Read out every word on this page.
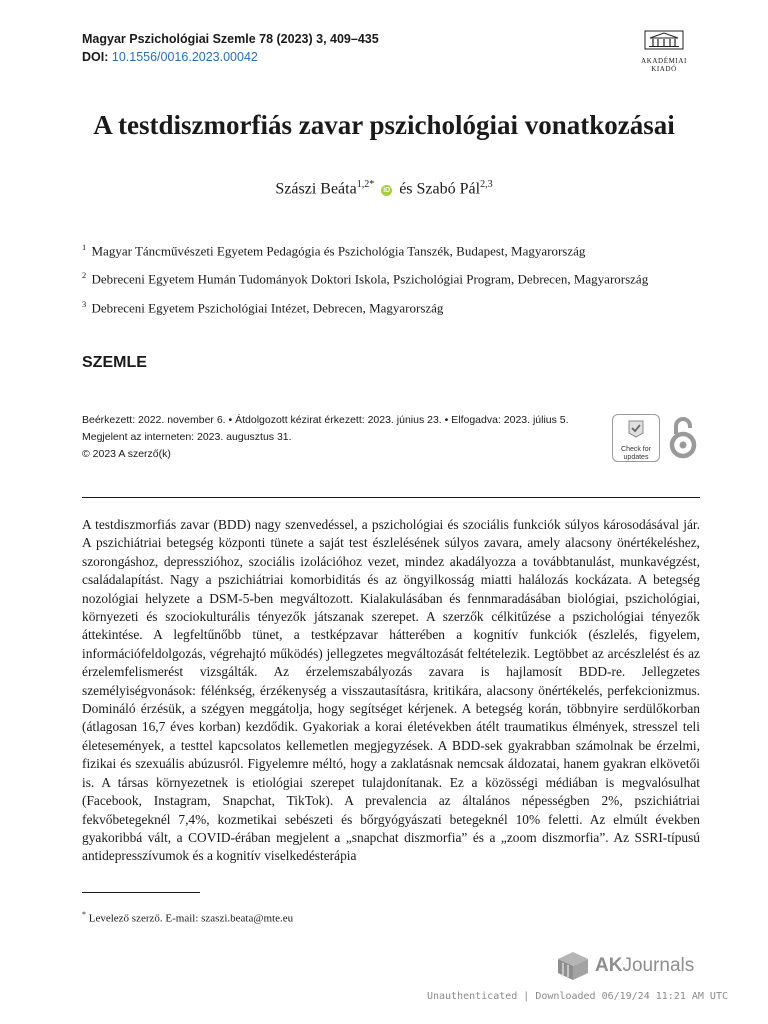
Magyar Pszichológiai Szemle 78 (2023) 3, 409–435
DOI: 10.1556/0016.2023.00042	AKADÉMIAI KIADÓ
A testdiszmorfiás zavar pszichológiai vonatkozásai
Szászi Beáta$^{1,2*}$ iD és Szabó Pál$^{2,3}$

$^1$ Magyar Táncművészeti Egyetem Pedagógia és Pszichológia Tanszék, Budapest, Magyarország

$^2$ Debreceni Egyetem Humán Tudományok Doktori Iskola, Pszichológiai Program, Debrecen, Magyarország

$^3$ Debreceni Egyetem Pszichológiai Intézet, Debrecen, Magyarország

SZEMLE
Beérkezett: 2022. november 6. • Átdolgozott kézirat érkezett: 2023. június 23. • Elfogadva: 2023. július 5.
Megjelent az interneten: 2023. augusztus 31.
© 2023 A szerző(k)	Check for
updates

A testdiszmorfiás zavar (BDD) nagy szenvedéssel, a pszichológiai és szociális funkciók súlyos károsodásával jár. A pszichiátriai betegség központi tünete a saját test észlelésének súlyos zavara, amely alacsony önértékeléshez, szorongáshoz, depresszióhoz, szociális izolációhoz vezet, mindez akadályozza a továbbtanulást, munkavégzést, családalapítást. Nagy a pszichiátriai komorbiditás és az öngyilkosság miatti halálozás kockázata. A betegség nozológiai helyzete a DSM-5-ben megváltozott. Kialakulásában és fennmaradásában biológiai, pszichológiai, környezeti és szociokulturális tényezők játszanak szerepet. A szerzők célkitűzése a pszichológiai tényezők áttekintése. A legfeltűnőbb tünet, a testképzavar hátterében a kognitív funkciók (észlelés, figyelem, információfeldolgozás, végrehajtó működés) jellegzetes megváltozását feltételezik. Legtöbbet az arcészlelést és az érzelemfelismerést vizsgálták. Az érzelemszabályozás zavara is hajlamosít BDD-re. Jellegzetes személyiségvonások: félénkség, érzékenység a visszautasításra, kritikára, alacsony önértékelés, perfekcionizmus. Domináló érzésük, a szégyen meggátolja, hogy segítséget kérjenek. A betegség korán, többnyire serdülőkorban (átlagosan 16,7 éves korban) kezdődik. Gyakoriak a korai életévekben átélt traumatikus élmények, stresszel teli életesemények, a testtel kapcsolatos kellemetlen megjegyzések. A BDD-sek gyakrabban számolnak be érzelmi, fizikai és szexuális abúzusról. Figyelemre méltó, hogy a zaklatásnak nemcsak áldozatai, hanem gyakran elkövetői is. A társas környezetnek is etiológiai szerepet tulajdonítanak. Ez a közösségi médiában is megvalósulhat (Facebook, Instagram, Snapchat, TikTok). A prevalencia az általános népességben 2%, pszichiátriai fekvőbetegeknél 7,4%, kozmetikai sebészeti és bőrgyógyászati betegeknél 10% feletti. Az elmúlt években gyakoribbá vált, a COVID-érában megjelent a „snapchat diszmorfia” és a „zoom diszmorfia”. Az SSRI-típusú antidepresszívumok és a kognitív viselkedésterápia

* Levelező szerző. E-mail: szaszi.beata@mte.eu
AKJournals
Unauthenticated | Downloaded 06/19/24 11:21 AM UTC
